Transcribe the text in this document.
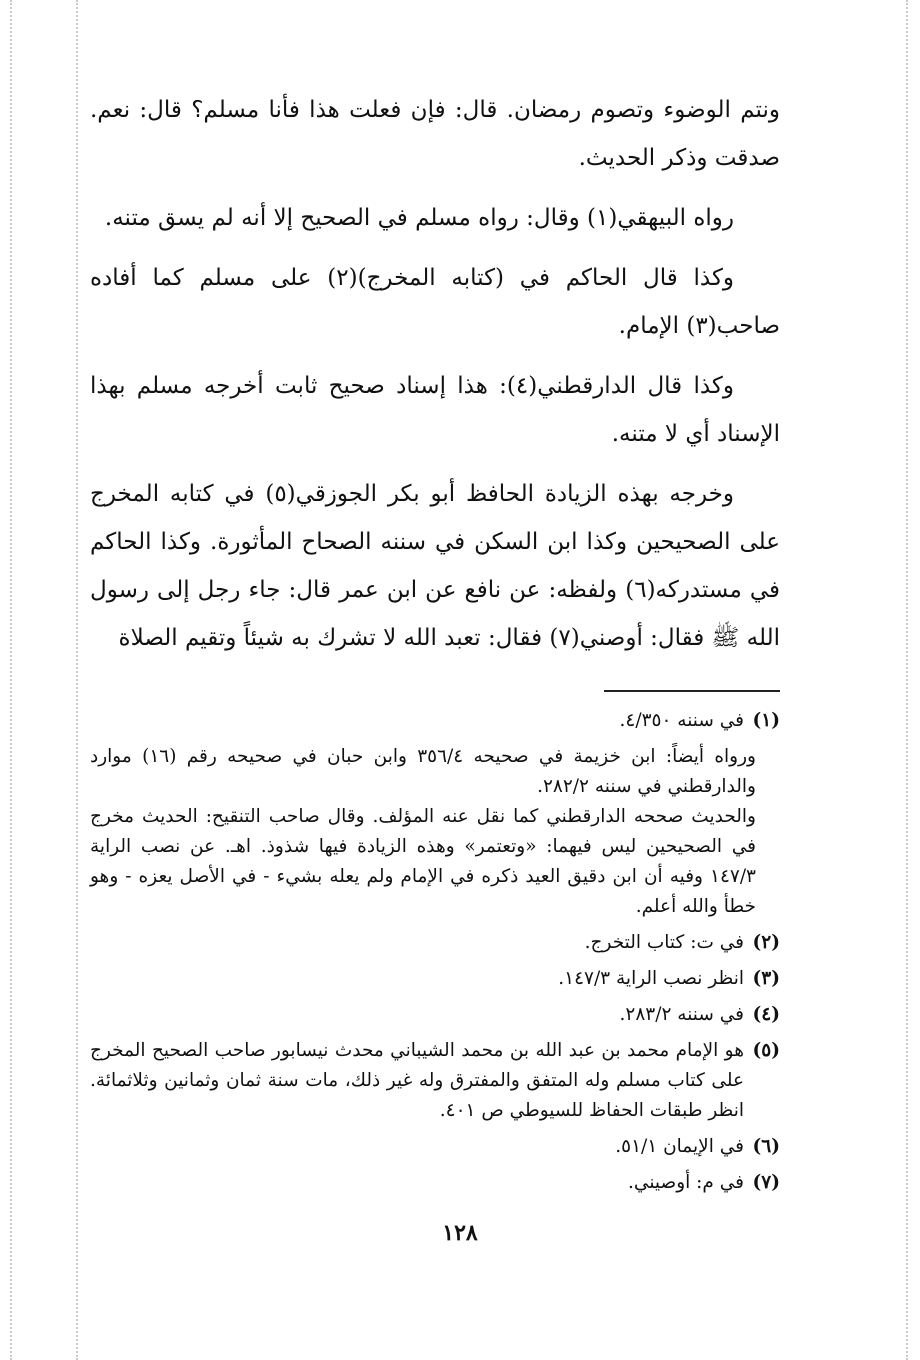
ونتم الوضوء وتصوم رمضان. قال: فإن فعلت هذا فأنا مسلم؟ قال: نعم. صدقت وذكر الحديث.

رواه البيهقي(١) وقال: رواه مسلم في الصحيح إلا أنه لم يسق متنه.

وكذا قال الحاكم في (كتابه المخرج)(٢) على مسلم كما أفاده صاحب(٣) الإمام.

وكذا قال الدارقطني(٤): هذا إسناد صحيح ثابت أخرجه مسلم بهذا الإسناد أي لا متنه.

وخرجه بهذه الزيادة الحافظ أبو بكر الجوزقي(٥) في كتابه المخرج على الصحيحين وكذا ابن السكن في سننه الصحاح المأثورة. وكذا الحاكم في مستدركه(٦) ولفظه: عن نافع عن ابن عمر قال: جاء رجل إلى رسول الله ﷺ فقال: أوصني(٧) فقال: تعبد الله لا تشرك به شيئاً وتقيم الصلاة

(١)
في سننه ٤/٣٥٠.

ورواه أيضاً: ابن خزيمة في صحيحه ٣٥٦/٤ وابن حبان في صحيحه رقم (١٦) موارد والدارقطني في سننه ٢٨٢/٢.

والحديث صححه الدارقطني كما نقل عنه المؤلف. وقال صاحب التنقيح: الحديث مخرج في الصحيحين ليس فيهما: «وتعتمر» وهذه الزيادة فيها شذوذ. اهـ. عن نصب الراية ١٤٧/٣ وفيه أن ابن دقيق العيد ذكره في الإمام ولم يعله بشيء - في الأصل يعزه - وهو خطأ والله أعلم.

(٢)
في ت: كتاب التخرج.
(٣)
انظر نصب الراية ١٤٧/٣.
(٤)
في سننه ٢٨٣/٢.
(٥)
هو الإمام محمد بن عبد الله بن محمد الشيباني محدث نيسابور صاحب الصحيح المخرج على كتاب مسلم وله المتفق والمفترق وله غير ذلك، مات سنة ثمان وثمانين وثلاثمائة. انظر طبقات الحفاظ للسيوطي ص ٤٠١.
(٦)
في الإيمان ٥١/١.
(٧)
في م: أوصيني.
١٢٨
